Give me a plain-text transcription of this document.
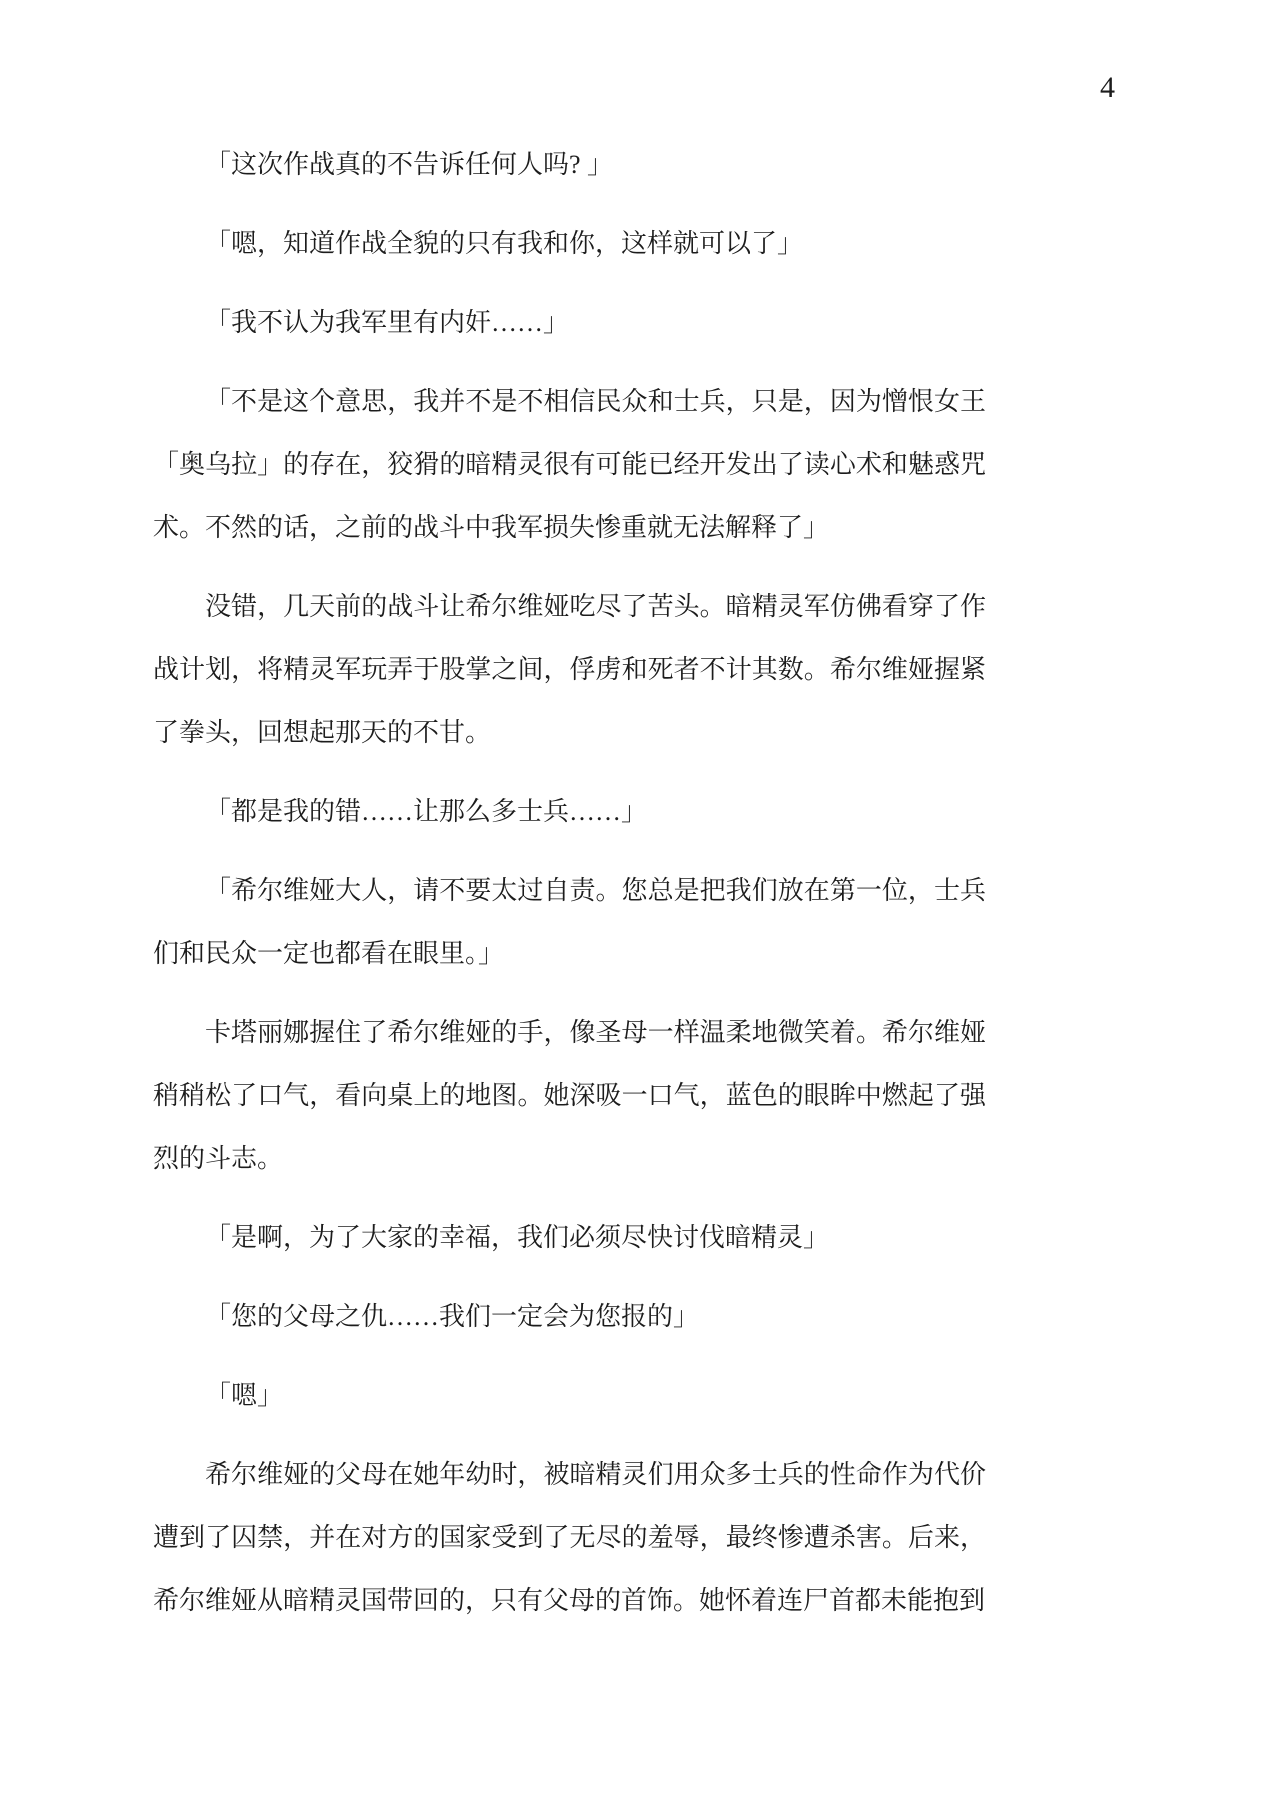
4

「这次作战真的不告诉任何人吗? 」

「嗯，知道作战全貌的只有我和你，这样就可以了」

「我不认为我军里有内奸……」

「不是这个意思，我并不是不相信民众和士兵，只是，因为憎恨女王「奥乌拉」的存在，狡猾的暗精灵很有可能已经开发出了读心术和魅惑咒术。不然的话，之前的战斗中我军损失惨重就无法解释了」

没错，几天前的战斗让希尔维娅吃尽了苦头。暗精灵军仿佛看穿了作战计划，将精灵军玩弄于股掌之间，俘虏和死者不计其数。希尔维娅握紧了拳头，回想起那天的不甘。

「都是我的错……让那么多士兵……」

「希尔维娅大人，请不要太过自责。您总是把我们放在第一位，士兵们和民众一定也都看在眼里。」

卡塔丽娜握住了希尔维娅的手，像圣母一样温柔地微笑着。希尔维娅稍稍松了口气，看向桌上的地图。她深吸一口气，蓝色的眼眸中燃起了强烈的斗志。

「是啊，为了大家的幸福，我们必须尽快讨伐暗精灵」

「您的父母之仇……我们一定会为您报的」

「嗯」

希尔维娅的父母在她年幼时，被暗精灵们用众多士兵的性命作为代价遭到了囚禁，并在对方的国家受到了无尽的羞辱，最终惨遭杀害。后来，希尔维娅从暗精灵国带回的，只有父母的首饰。她怀着连尸首都未能抱到
